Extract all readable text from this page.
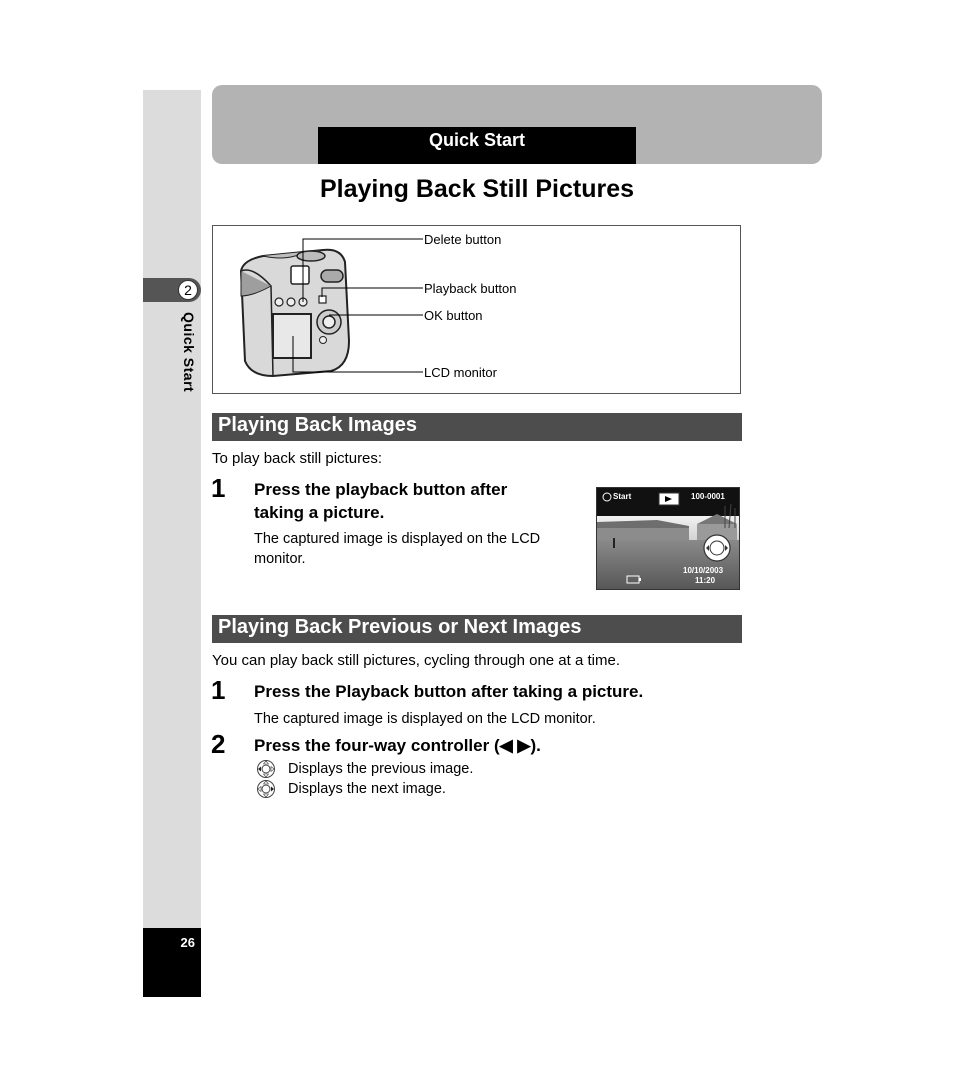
2
Quick Start
26
Quick Start
Playing Back Still Pictures
Delete button
Playback button
OK button
LCD monitor
Playing Back Images
To play back still pictures:
1 Press the playback button after
taking a picture.
The captured image is displayed on the LCD
monitor.
Start	100-0001
10/10/2003
11:20
Playing Back Previous or Next Images
You can play back still pictures, cycling through one at a time.
1 Press the Playback button after taking a picture.
The captured image is displayed on the LCD monitor.
2 Press the four-way controller (◀ ▶).
Displays the previous image.
Displays the next image.
